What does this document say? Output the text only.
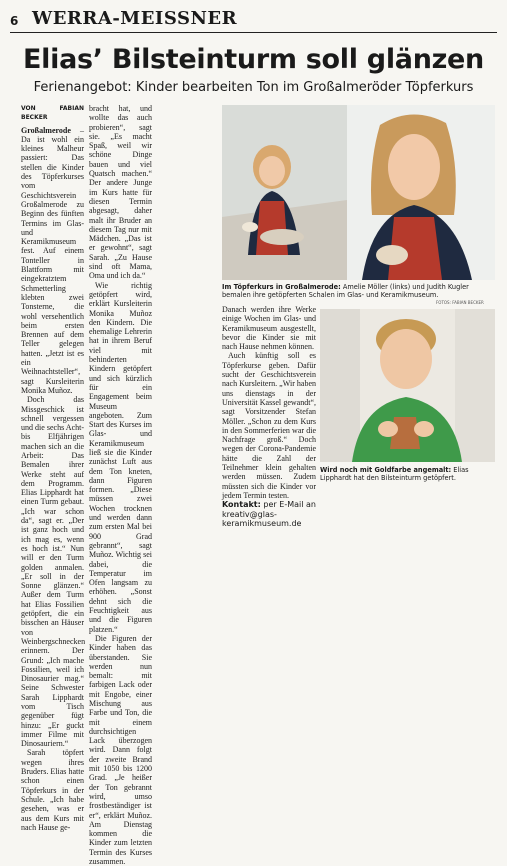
6 WERRA-MEISSNER
Elias’ Bilsteinturm soll glänzen
Ferienangebot: Kinder bearbeiten Ton im Großalmeröder Töpferkurs
VON FABIAN BECKER

Großalmerode – Da ist wohl ein kleines Malheur passiert: Das stellen die Kinder des Töpferkurses vom Geschichtsverein Großalmerode zu Beginn des fünften Termins im Glas- und Keramikmuseum fest. Auf einem Tonteller in Blattform mit eingekratztem Schmetterling klebten zwei Tonsterne, die wohl versehentlich beim ersten Brennen auf dem Teller gelegen hatten. „Jetzt ist es ein Weihnachtsteller“, sagt Kursleiterin Monika Muñoz.

Doch das Missgeschick ist schnell vergessen und die sechs Acht- bis Elfjährigen machen sich an die Arbeit: Das Bemalen ihrer Werke steht auf dem Programm. Elias Lipphardt hat einen Turm gebaut. „Ich war schon da“, sagt er. „Der ist ganz hoch und ich mag es, wenn es hoch ist.“ Nun will er den Turm golden anmalen. „Er soll in der Sonne glänzen.“ Außer dem Turm hat Elias Fossilien getöpfert, die ein bisschen an Häuser von Weinbergschnecken erinnern. Der Grund: „Ich mache Fossilien, weil ich Dinosaurier mag.“ Seine Schwester Sarah Lipphardt vom Tisch gegenüber fügt hinzu: „Er guckt immer Filme mit Dinosauriern.“

Sarah töpfert wegen ihres Bruders. Elias hatte schon einen Töpferkurs in der Schule. „Ich habe gesehen, was er aus dem Kurs mit nach Hause ge-

bracht hat, und wollte das auch probieren“, sagt sie. „Es macht Spaß, weil wir schöne Dinge bauen und viel Quatsch machen.“ Der andere Junge im Kurs hatte für diesen Termin abgesagt, daher malt ihr Bruder an diesem Tag nur mit Mädchen. „Das ist er gewohnt“, sagt Sarah. „Zu Hause sind oft Mama, Oma und ich da.“

Wie richtig getöpfert wird, erklärt Kursleiterin Monika Muñoz den Kindern. Die ehemalige Lehrerin hat in ihrem Beruf viel mit behinderten Kindern getöpfert und sich kürzlich für ein Engagement beim Museum angeboten. Zum Start des Kurses im Glas- und Keramikmuseum ließ sie die Kinder zunächst Luft aus dem Ton kneten, dann Figuren formen. „Diese müssen zwei Wochen trocknen und werden dann zum ersten Mal bei 900 Grad gebrannt“, sagt Muñoz. Wichtig sei dabei, die Temperatur im Ofen langsam zu erhöhen. „Sonst dehnt sich die Feuchtigkeit aus und die Figuren platzen.“

Die Figuren der Kinder haben das überstanden. Sie werden nun bemalt: mit farbigen Lack oder mit Engobe, einer Mischung aus Farbe und Ton, die mit einem durchsichtigen Lack überzogen wird. Dann folgt der zweite Brand mit 1050 bis 1200 Grad. „Je heißer der Ton gebrannt wird, umso frostbeständiger ist er“, erklärt Muñoz. Am Dienstag kommen die Kinder zum letzten Termin des Kurses zusammen.

Danach werden ihre Werke einige Wochen im Glas- und Keramikmuseum ausgestellt, bevor die Kinder sie mit nach Hause nehmen können.

Auch künftig soll es Töpferkurse geben. Dafür sucht der Geschichtsverein nach Kursleitern. „Wir haben uns dienstags in der Universität Kassel gewandt“, sagt Vorsitzender Stefan Möller. „Schon zu dem Kurs in den Sommerferien war die Nachfrage groß.“ Doch wegen der Corona-Pandemie hätte die Zahl der Teilnehmer klein gehalten werden müssen. Zudem müssten sich die Kinder vor jedem Termin testen.

Kontakt: per E-Mail an kreativ@glas-keramikmuseum.de

Im Töpferkurs in Großalmerode: Amelie Möller (links) und Judith Kugler bemalen ihre getöpferten Schalen im Glas- und Keramikmuseum.
FOTOS: FABIAN BECKER
Wird noch mit Goldfarbe angemalt: Elias Lipphardt hat den Bilsteinturm getöpfert.
